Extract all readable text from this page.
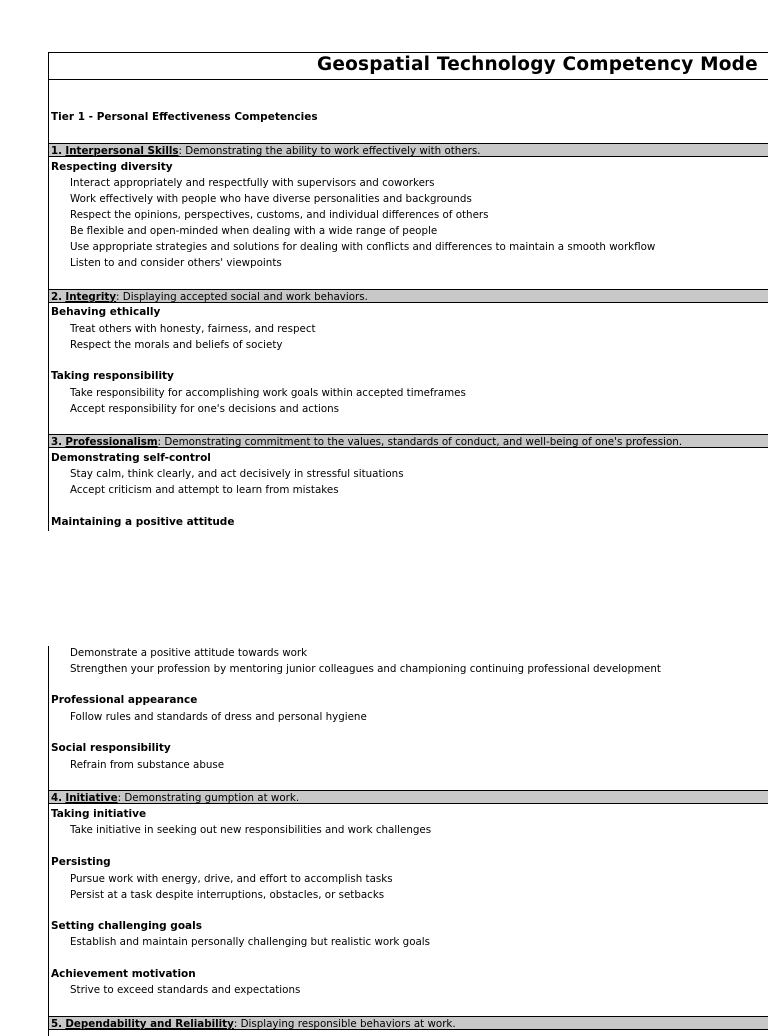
Geospatial Technology Competency Mode
Tier 1 - Personal Effectiveness Competencies
1. Interpersonal Skills: Demonstrating the ability to work effectively with others.
Respecting diversity
Interact appropriately and respectfully with supervisors and coworkers
Work effectively with people who have diverse personalities and backgrounds
Respect the opinions, perspectives, customs, and individual differences of others
Be flexible and open-minded when dealing with a wide range of people
Use appropriate strategies and solutions for dealing with conflicts and differences to maintain a smooth workflow
Listen to and consider others' viewpoints
2. Integrity: Displaying accepted social and work behaviors.
Behaving ethically
Treat others with honesty, fairness, and respect
Respect the morals and beliefs of society
Taking responsibility
Take responsibility for accomplishing work goals within accepted timeframes
Accept responsibility for one's decisions and actions
3. Professionalism: Demonstrating commitment to the values, standards of conduct, and well-being of one's profession.
Demonstrating self-control
Stay calm, think clearly, and act decisively in stressful situations
Accept criticism and attempt to learn from mistakes
Maintaining a positive attitude
Demonstrate a positive attitude towards work
Strengthen your profession by mentoring junior colleagues and championing continuing professional development
Professional appearance
Follow rules and standards of dress and personal hygiene
Social responsibility
Refrain from substance abuse
4. Initiative: Demonstrating gumption at work.
Taking initiative
Take initiative in seeking out new responsibilities and work challenges
Persisting
Pursue work with energy, drive, and effort to accomplish tasks
Persist at a task despite interruptions, obstacles, or setbacks
Setting challenging goals
Establish and maintain personally challenging but realistic work goals
Achievement motivation
Strive to exceed standards and expectations
5. Dependability and Reliability: Displaying responsible behaviors at work.
